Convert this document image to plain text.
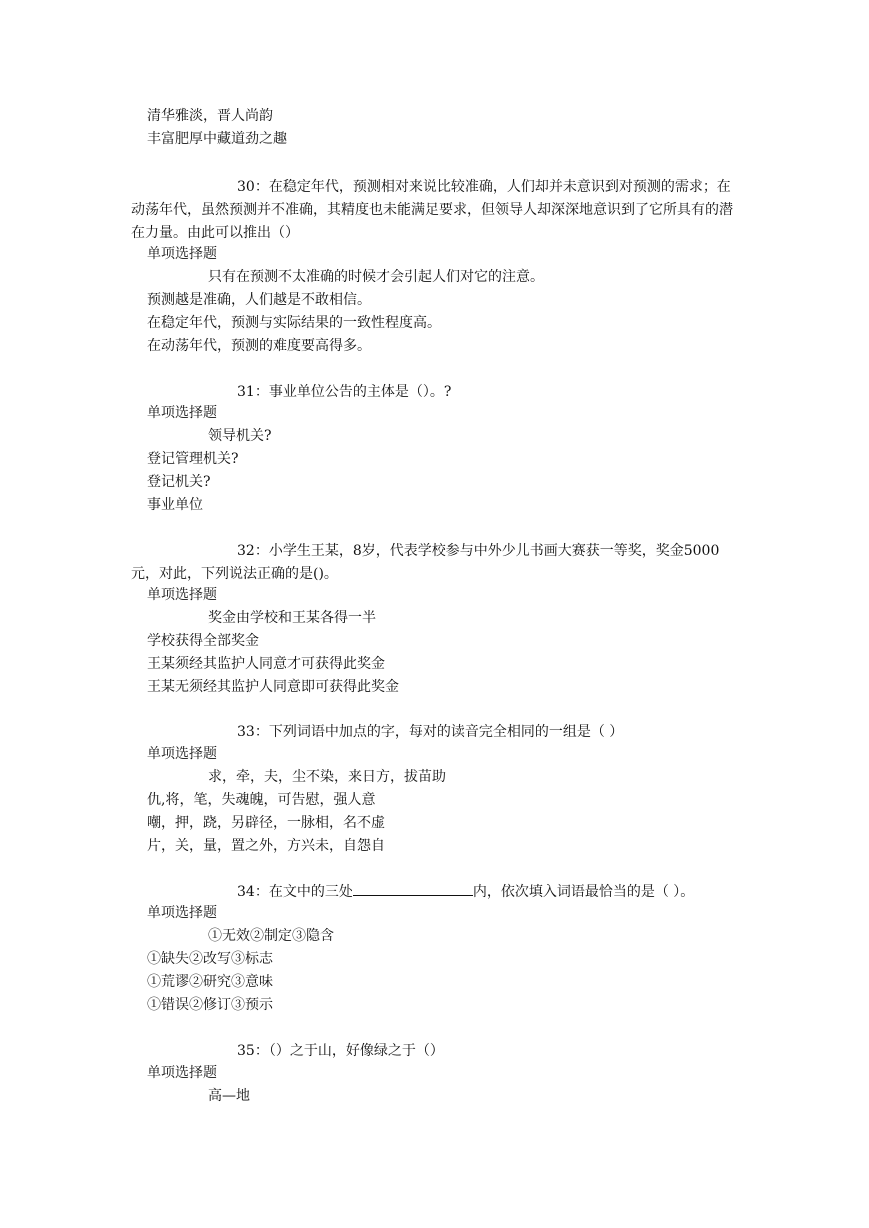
清华雅淡，晋人尚韵
丰富肥厚中藏道劲之趣
30：在稳定年代，预测相对来说比较准确，人们却并未意识到对预测的需求；在动荡年代，虽然预测并不准确，其精度也未能满足要求，但领导人却深深地意识到了它所具有的潜在力量。由此可以推出（）
单项选择题
只有在预测不太准确的时候才会引起人们对它的注意。
预测越是准确，人们越是不敢相信。
在稳定年代，预测与实际结果的一致性程度高。
在动荡年代，预测的难度要高得多。
31：事业单位公告的主体是（）。?
单项选择题
领导机关?
登记管理机关?
登记机关?
事业单位
32：小学生王某，8岁，代表学校参与中外少儿书画大赛获一等奖，奖金5000元，对此，下列说法正确的是()。
单项选择题
奖金由学校和王某各得一半
学校获得全部奖金
王某须经其监护人同意才可获得此奖金
王某无须经其监护人同意即可获得此奖金
33：下列词语中加点的字，每对的读音完全相同的一组是（ ）
单项选择题
求，牵，夫，尘不染，来日方，拔苗助
仇,将，笔，失魂魄，可告慰，强人意
嘲，押，跷，另辟径，一脉相，名不虚
片，关，量，置之外，方兴未，自怨自
34：在文中的三处	内，依次填入词语最恰当的是（ ）。
单项选择题
①无效②制定③隐含
①缺失②改写③标志
①荒谬②研究③意味
①错误②修订③预示
35：（）之于山，好像绿之于（）
单项选择题
高—地
